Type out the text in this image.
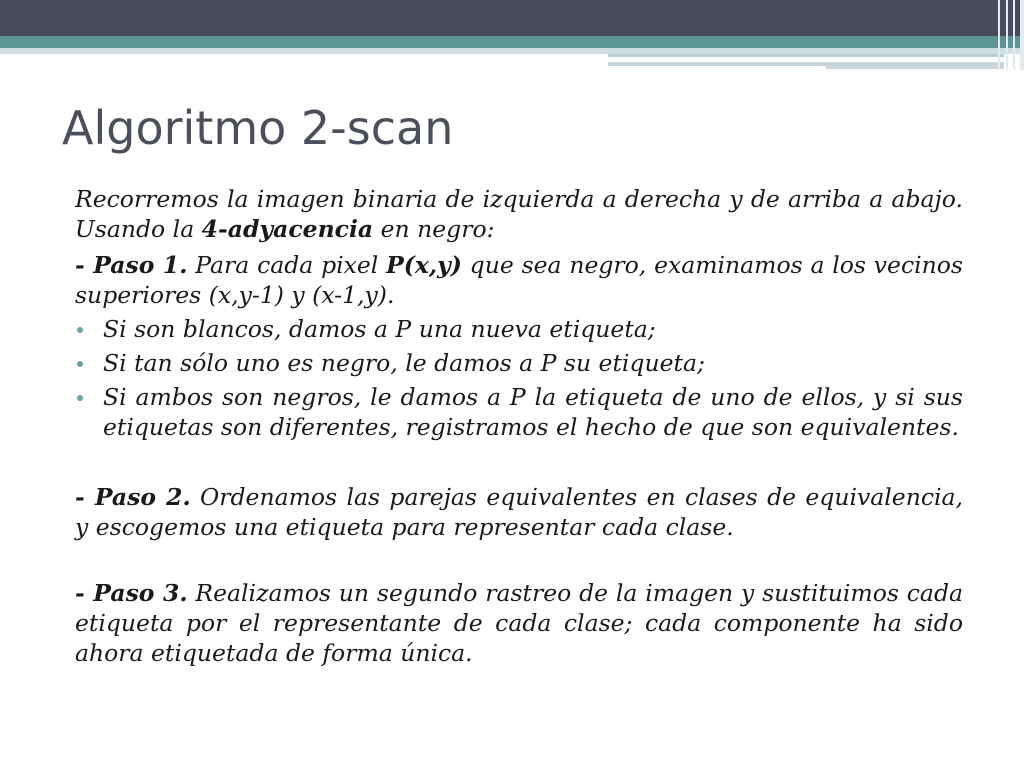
Algoritmo 2-scan

Recorremos la imagen binaria de izquierda a derecha y de arriba a abajo. Usando la 4-adyacencia en negro:

- Paso 1. Para cada pixel P(x,y) que sea negro, examinamos a los vecinos superiores (x,y-1) y (x-1,y).

Si son blancos, damos a P una nueva etiqueta;
Si tan sólo uno es negro, le damos a P su etiqueta;
Si ambos son negros, le damos a P la etiqueta de uno de ellos, y si sus etiquetas son diferentes, registramos el hecho de que son equivalentes.

- Paso 2. Ordenamos las parejas equivalentes en clases de equivalencia, y escogemos una etiqueta para representar cada clase.

- Paso 3. Realizamos un segundo rastreo de la imagen y sustituimos cada etiqueta por el representante de cada clase; cada componente ha sido ahora etiquetada de forma única.
